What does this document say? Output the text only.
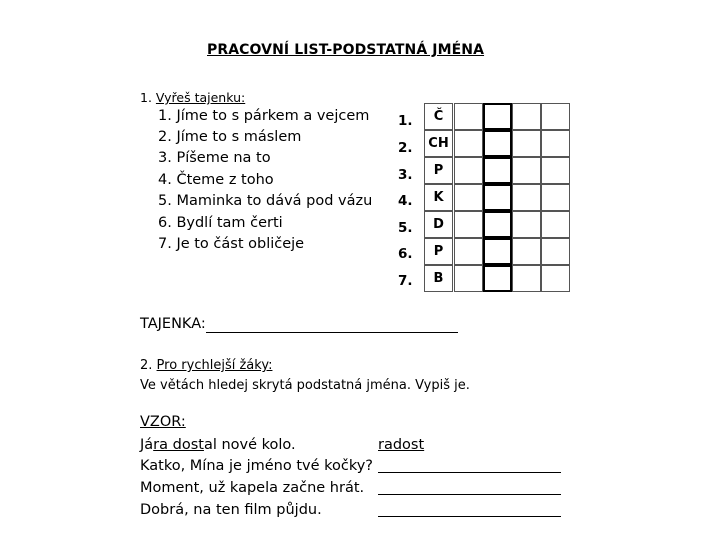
PRACOVNÍ LIST-PODSTATNÁ JMÉNA
1. Vyřeš tajenku:
1. Jíme to s párkem a vejcem
2. Jíme to s máslem
3. Píšeme na to
4. Čteme z toho
5. Maminka to dává pod vázu
6. Bydlí tam čerti
7. Je to část obličeje
1.
2.
3.
4.
5.
6.
7.
Č
CH
P
K
D
P
B
TAJENKA:
2. Pro rychlejší žáky:
Ve větách hledej skrytá podstatná jména. Vypiš je.
VZOR:
Jára dostal nové kolo.	radost
Katko, Mína je jméno tvé kočky?
Moment, už kapela začne hrát.
Dobrá, na ten film půjdu.
